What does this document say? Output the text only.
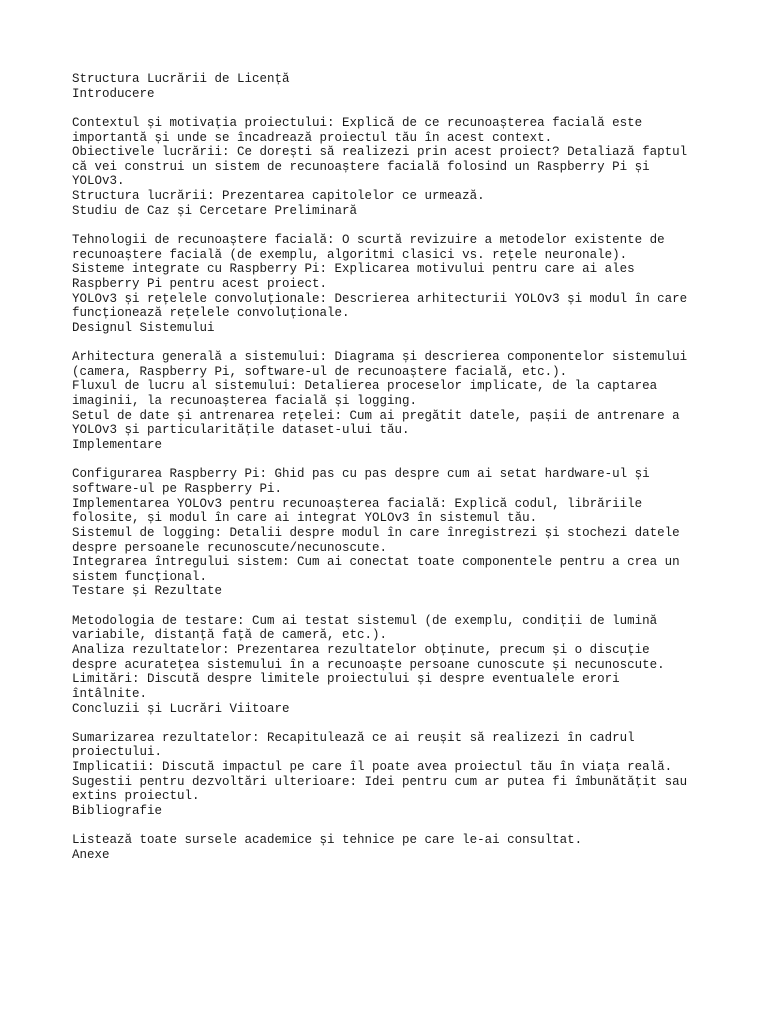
Structura Lucrării de Licență
Introducere
Contextul și motivația proiectului: Explică de ce recunoașterea facială este
importantă și unde se încadrează proiectul tău în acest context.
Obiectivele lucrării: Ce dorești să realizezi prin acest proiect? Detaliază faptul
că vei construi un sistem de recunoaștere facială folosind un Raspberry Pi și
YOLOv3.
Structura lucrării: Prezentarea capitolelor ce urmează.
Studiu de Caz și Cercetare Preliminară
Tehnologii de recunoaștere facială: O scurtă revizuire a metodelor existente de
recunoaștere facială (de exemplu, algoritmi clasici vs. rețele neuronale).
Sisteme integrate cu Raspberry Pi: Explicarea motivului pentru care ai ales
Raspberry Pi pentru acest proiect.
YOLOv3 și rețelele convoluționale: Descrierea arhitecturii YOLOv3 și modul în care
funcționează rețelele convoluționale.
Designul Sistemului
Arhitectura generală a sistemului: Diagrama și descrierea componentelor sistemului
(camera, Raspberry Pi, software-ul de recunoaștere facială, etc.).
Fluxul de lucru al sistemului: Detalierea proceselor implicate, de la captarea
imaginii, la recunoașterea facială și logging.
Setul de date și antrenarea rețelei: Cum ai pregătit datele, pașii de antrenare a
YOLOv3 și particularitățile dataset-ului tău.
Implementare
Configurarea Raspberry Pi: Ghid pas cu pas despre cum ai setat hardware-ul și
software-ul pe Raspberry Pi.
Implementarea YOLOv3 pentru recunoașterea facială: Explică codul, librăriile
folosite, și modul în care ai integrat YOLOv3 în sistemul tău.
Sistemul de logging: Detalii despre modul în care înregistrezi și stochezi datele
despre persoanele recunoscute/necunoscute.
Integrarea întregului sistem: Cum ai conectat toate componentele pentru a crea un
sistem funcțional.
Testare și Rezultate
Metodologia de testare: Cum ai testat sistemul (de exemplu, condiții de lumină
variabile, distanță față de cameră, etc.).
Analiza rezultatelor: Prezentarea rezultatelor obținute, precum și o discuție
despre acuratețea sistemului în a recunoaște persoane cunoscute și necunoscute.
Limitări: Discută despre limitele proiectului și despre eventualele erori
întâlnite.
Concluzii și Lucrări Viitoare
Sumarizarea rezultatelor: Recapitulează ce ai reușit să realizezi în cadrul
proiectului.
Implicatii: Discută impactul pe care îl poate avea proiectul tău în viața reală.
Sugestii pentru dezvoltări ulterioare: Idei pentru cum ar putea fi îmbunătățit sau
extins proiectul.
Bibliografie
Listează toate sursele academice și tehnice pe care le-ai consultat.
Anexe
